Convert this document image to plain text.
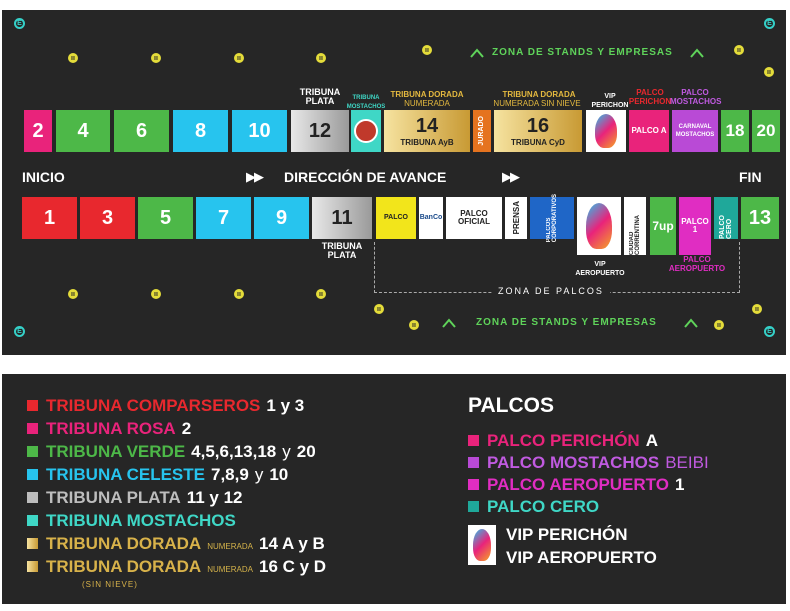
E	E
E	E
ıı	ıı	ıı	ıı
ıı	ıı
ıı
ZONA DE STANDS Y EMPRESAS
TRIBUNA PLATA	TRIBUNA MOSTACHOS
TRIBUNA DORADA
NUMERADA
TRIBUNA DORADA
NUMERADA SIN NIEVE
VIP PERICHON
PALCO PERICHON
PALCO MOSTACHOS
2	4	6	8	10	12	14
TRIBUNA AyB	JURADO 16
TRIBUNA CyD
PALCO A	CARNAVAL MOSTACHOS 18 20
INICIO	▶▶ DIRECCIÓN DE AVANCE	▶▶	FIN
1	3	5	7	9	11	PALCO	BanCo	PALCO OFICIAL	PRENSA	PALCOS CORPORATIVOS
CIUDAD CORRENTINA 7up PALCO 1	PALCO CERO
13
TRIBUNA PLATA
VIP AEROPUERTO
PALCO AEROPUERTO
ZONA DE PALCOS
ıı	ıı	ıı	ıı
ıı
ıı	ıı
ıı
ZONA DE STANDS Y EMPRESAS
TRIBUNA COMPARSEROS 1 y 3
TRIBUNA ROSA 2
TRIBUNA VERDE 4,5,6,13,18 y 20
TRIBUNA CELESTE 7,8,9 y 10
TRIBUNA PLATA 11 y 12
TRIBUNA MOSTACHOS
TRIBUNA DORADA NUMERADA 14 A y B
TRIBUNA DORADA NUMERADA 16 C y D
(SIN NIEVE)
PALCOS
PALCO PERICHÓN A
PALCO MOSTACHOS BEIBI
PALCO AEROPUERTO 1
PALCO CERO
VIP PERICHÓN
VIP AEROPUERTO
